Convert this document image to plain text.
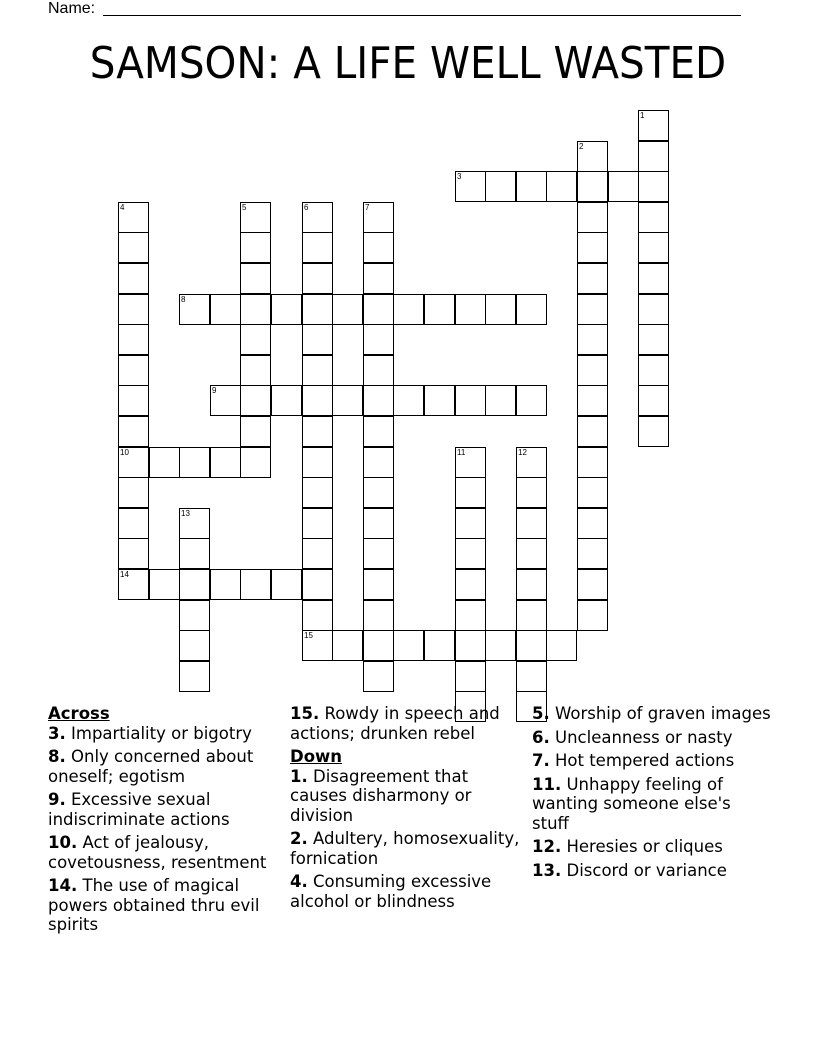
Name:
SAMSON: A LIFE WELL WASTED
1
2
3
4
10
5	6	7
8
9
11	12
13
14
15
Across
3. Impartiality or bigotry
8. Only concerned about oneself; egotism
9. Excessive sexual indiscriminate actions
10. Act of jealousy, covetousness, resentment
14. The use of magical powers obtained thru evil spirits
15. Rowdy in speech and actions; drunken rebel
Down
1. Disagreement that causes disharmony or division
2. Adultery, homosexuality, fornication
4. Consuming excessive alcohol or blindness
5. Worship of graven images
6. Uncleanness or nasty
7. Hot tempered actions
11. Unhappy feeling of wanting someone else's stuff
12. Heresies or cliques
13. Discord or variance
